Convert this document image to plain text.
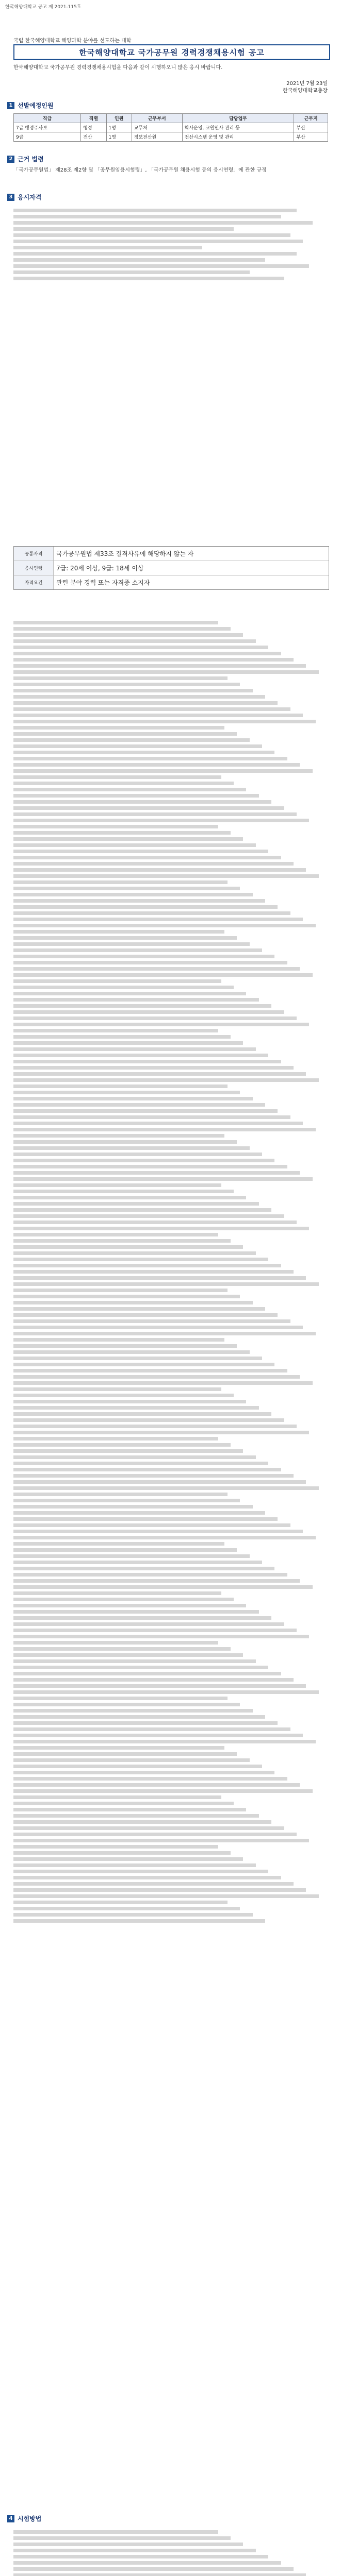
한국해양대학교 공고 제 2021-115호
국립 한국해양대학교 해양과학 분야를 선도하는 대학
한국해양대학교 국가공무원 경력경쟁채용시험 공고
한국해양대학교 국가공무원 경력경쟁채용시험을 다음과 같이 시행하오니 많은 응시 바랍니다.
2021년 7월 23일
한국해양대학교총장
1 선발예정인원
직급	직렬	인원	근무부서	담당업무	근무지
7급 행정주사보	행정	1명	교무처	학사운영, 교원인사 관리 등	부산
9급	전산	1명	정보전산원	전산시스템 운영 및 관리	부산
2 근거 법령
「국가공무원법」 제28조 제2항 및 「공무원임용시험령」, 「국가공무원 채용시험 등의 응시연령」에 관한 규정
3 응시자격
공통자격	국가공무원법 제33조 결격사유에 해당하지 않는 자
응시연령	7급: 20세 이상, 9급: 18세 이상
자격요건	관련 분야 경력 또는 자격증 소지자
4 시험방법
